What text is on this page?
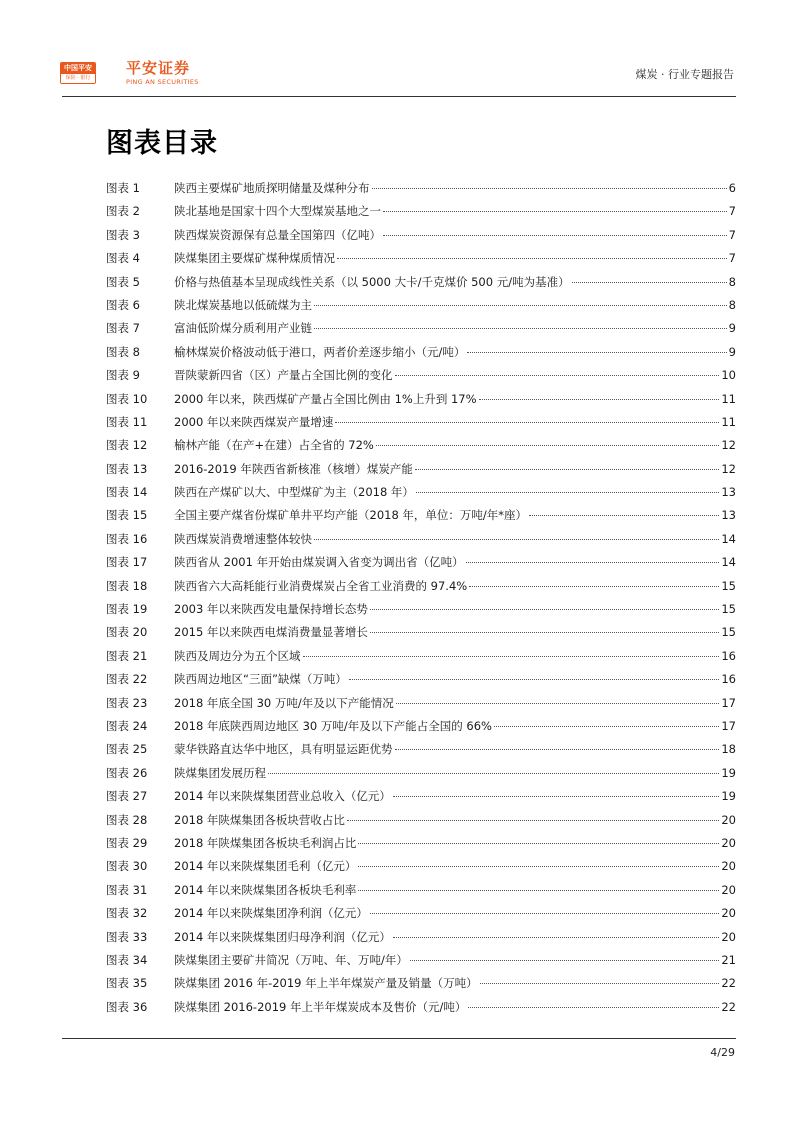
中国平安
保险 · 银行
平安证券
PING AN SECURITIES
煤炭 · 行业专题报告
图表目录
图表 1	陕西主要煤矿地质探明储量及煤种分布	6
图表 2	陕北基地是国家十四个大型煤炭基地之一	7
图表 3	陕西煤炭资源保有总量全国第四（亿吨）	7
图表 4	陕煤集团主要煤矿煤种煤质情况	7
图表 5	价格与热值基本呈现成线性关系（以 5000 大卡/千克煤价 500 元/吨为基准）	8
图表 6	陕北煤炭基地以低硫煤为主	8
图表 7	富油低阶煤分质利用产业链	9
图表 8	榆林煤炭价格波动低于港口，两者价差逐步缩小（元/吨）	9
图表 9	晋陕蒙新四省（区）产量占全国比例的变化	10
图表 10	2000 年以来，陕西煤矿产量占全国比例由 1%上升到 17%	11
图表 11	2000 年以来陕西煤炭产量增速	11
图表 12	榆林产能（在产+在建）占全省的 72%	12
图表 13	2016-2019 年陕西省新核准（核增）煤炭产能	12
图表 14	陕西在产煤矿以大、中型煤矿为主（2018 年）	13
图表 15	全国主要产煤省份煤矿单井平均产能（2018 年，单位：万吨/年*座）	13
图表 16	陕西煤炭消费增速整体较快	14
图表 17	陕西省从 2001 年开始由煤炭调入省变为调出省（亿吨）	14
图表 18	陕西省六大高耗能行业消费煤炭占全省工业消费的 97.4%	15
图表 19	2003 年以来陕西发电量保持增长态势	15
图表 20	2015 年以来陕西电煤消费量显著增长	15
图表 21	陕西及周边分为五个区域	16
图表 22	陕西周边地区“三面”缺煤（万吨）	16
图表 23	2018 年底全国 30 万吨/年及以下产能情况	17
图表 24	2018 年底陕西周边地区 30 万吨/年及以下产能占全国的 66%	17
图表 25	蒙华铁路直达华中地区，具有明显运距优势	18
图表 26	陕煤集团发展历程	19
图表 27	2014 年以来陕煤集团营业总收入（亿元）	19
图表 28	2018 年陕煤集团各板块营收占比	20
图表 29	2018 年陕煤集团各板块毛利润占比	20
图表 30	2014 年以来陕煤集团毛利（亿元）	20
图表 31	2014 年以来陕煤集团各板块毛利率	20
图表 32	2014 年以来陕煤集团净利润（亿元）	20
图表 33	2014 年以来陕煤集团归母净利润（亿元）	20
图表 34	陕煤集团主要矿井简况（万吨、年、万吨/年）	21
图表 35	陕煤集团 2016 年-2019 年上半年煤炭产量及销量（万吨）	22
图表 36	陕煤集团 2016-2019 年上半年煤炭成本及售价（元/吨）	22
4/29
